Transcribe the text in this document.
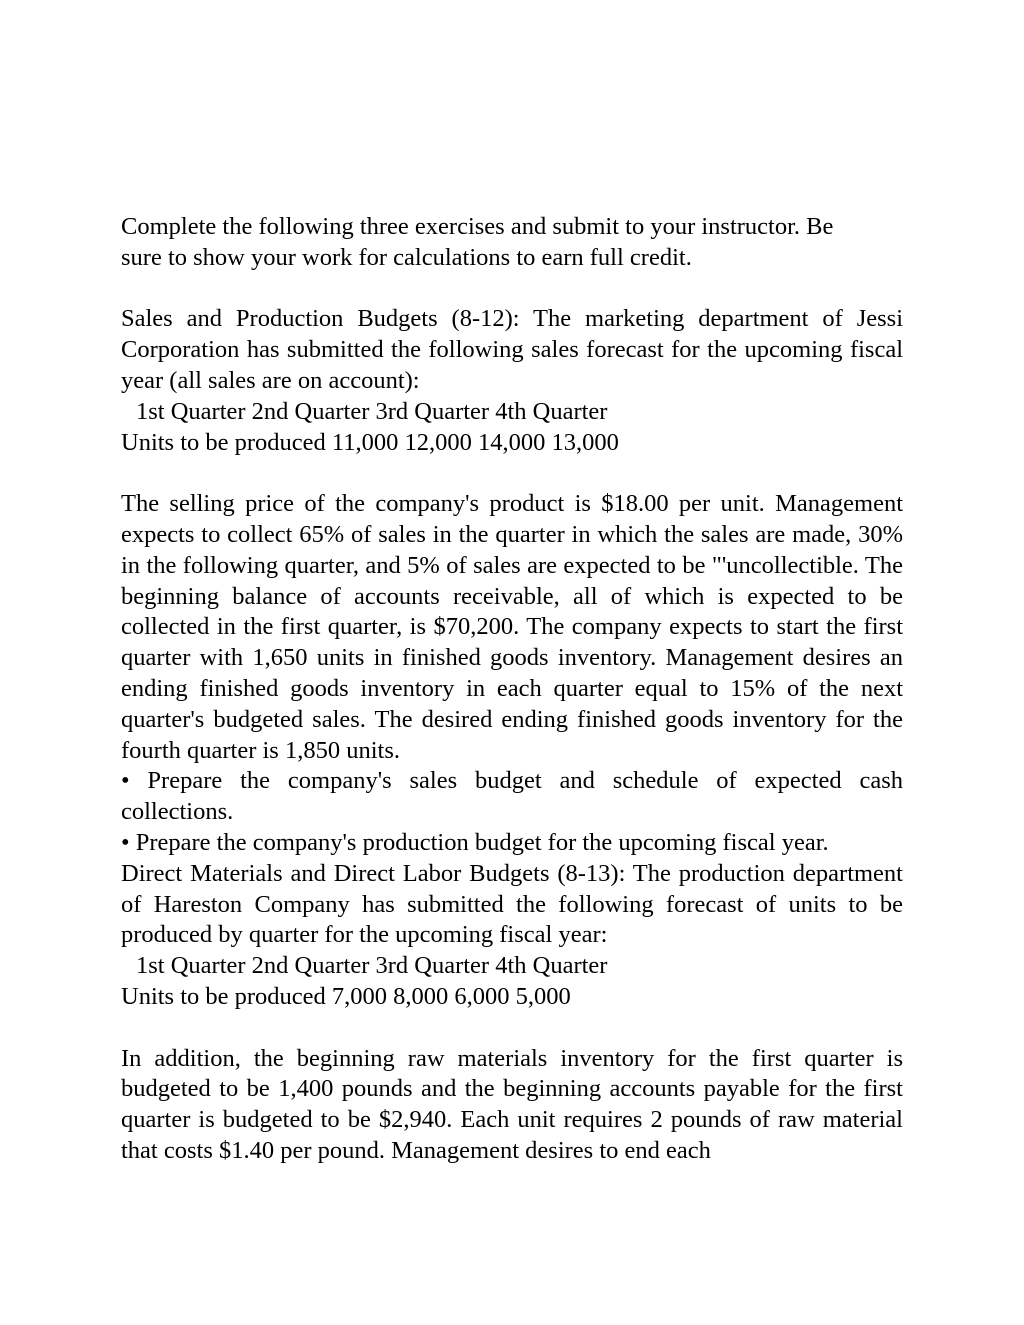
Complete the following three exercises and submit to your instructor. Be

sure to show your work for calculations to earn full credit.

Sales and Production Budgets (8-12): The marketing department of Jessi Corporation has submitted the following sales forecast for the upcoming fiscal year (all sales are on account):

1st Quarter 2nd Quarter 3rd Quarter 4th Quarter

Units to be produced 11,000 12,000 14,000 13,000

The selling price of the company's product is $18.00 per unit. Management expects to collect 65% of sales in the quarter in which the sales are made, 30% in the following quarter, and 5% of sales are expected to be "'uncollectible. The beginning balance of accounts receivable, all of which is expected to be collected in the first quarter, is $70,200. The company expects to start the first quarter with 1,650 units in finished goods inventory. Management desires an ending finished goods inventory in each quarter equal to 15% of the next quarter's budgeted sales. The desired ending finished goods inventory for the fourth quarter is 1,850 units.

• Prepare the company's sales budget and schedule of expected cash collections.

• Prepare the company's production budget for the upcoming fiscal year.

Direct Materials and Direct Labor Budgets (8-13): The production department of Hareston Company has submitted the following forecast of units to be produced by quarter for the upcoming fiscal year:

1st Quarter 2nd Quarter 3rd Quarter 4th Quarter

Units to be produced 7,000 8,000 6,000 5,000

In addition, the beginning raw materials inventory for the first quarter is budgeted to be 1,400 pounds and the beginning accounts payable for the first quarter is budgeted to be $2,940. Each unit requires 2 pounds of raw material that costs $1.40 per pound. Management desires to end each
